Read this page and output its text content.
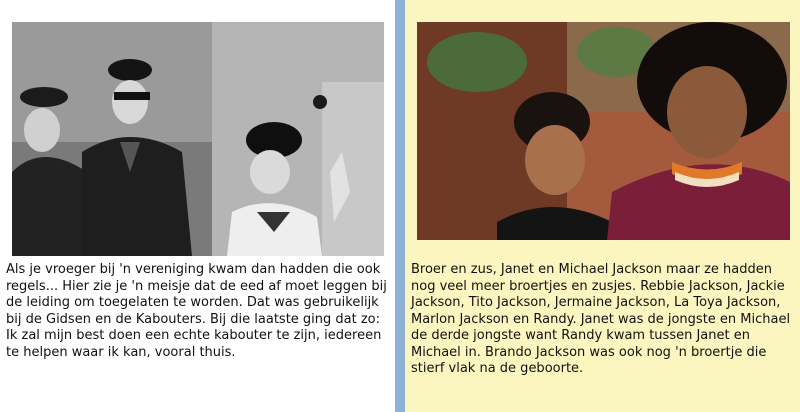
Als je vroeger bij 'n vereniging kwam dan hadden die ook regels... Hier zie je 'n meisje dat de eed af moet leggen bij de leiding om toegelaten te worden. Dat was gebruikelijk bij de Gidsen en de Kabouters. Bij die laatste ging dat zo: Ik zal mijn best doen een echte kabouter te zijn, iedereen te helpen waar ik kan, vooral thuis.

Broer en zus, Janet en Michael Jackson maar ze hadden nog veel meer broertjes en zusjes. Rebbie Jackson, Jackie Jackson, Tito Jackson, Jermaine Jackson, La Toya Jackson, Marlon Jackson en Randy. Janet was de jongste en Michael de derde jongste want Randy kwam tussen Janet en Michael in. Brando Jackson was ook nog 'n broertje die stierf vlak na de geboorte.
